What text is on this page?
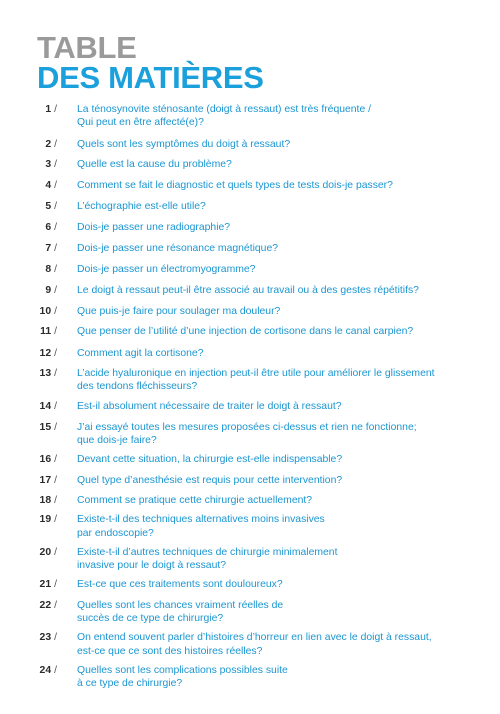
TABLE
DES MATIÈRES
1 / La ténosynovite sténosante (doigt à ressaut) est très fréquente /
Qui peut en être affecté(e)?
2 / Quels sont les symptômes du doigt à ressaut?
3 / Quelle est la cause du problème?
4 / Comment se fait le diagnostic et quels types de tests dois-je passer?
5 / L’échographie est-elle utile?
6 / Dois-je passer une radiographie?
7 / Dois-je passer une résonance magnétique?
8 / Dois-je passer un électromyogramme?
9 / Le doigt à ressaut peut-il être associé au travail ou à des gestes répétitifs?
10 / Que puis-je faire pour soulager ma douleur?
11 / Que penser de l’utilité d’une injection de cortisone dans le canal carpien?
12 / Comment agit la cortisone?
13 / L’acide hyaluronique en injection peut-il être utile pour améliorer le glissement
des tendons fléchisseurs?
14 / Est-il absolument nécessaire de traiter le doigt à ressaut?
15 / J’ai essayé toutes les mesures proposées ci-dessus et rien ne fonctionne;
que dois-je faire?
16 / Devant cette situation, la chirurgie est-elle indispensable?
17 / Quel type d’anesthésie est requis pour cette intervention?
18 / Comment se pratique cette chirurgie actuellement?
19 / Existe-t-il des techniques alternatives moins invasives
par endoscopie?
20 / Existe-t-il d’autres techniques de chirurgie minimalement
invasive pour le doigt à ressaut?
21 / Est-ce que ces traitements sont douloureux?
22 / Quelles sont les chances vraiment réelles de
succès de ce type de chirurgie?
23 / On entend souvent parler d’histoires d’horreur en lien avec le doigt à ressaut,
est-ce que ce sont des histoires réelles?
24 / Quelles sont les complications possibles suite
à ce type de chirurgie?
